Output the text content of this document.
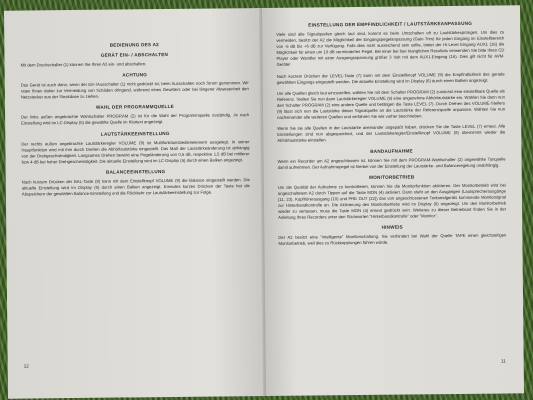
BEDIENUNG DES A2
GERÄT EIN- / ABSCHALTEN
Mit dem Druckschalter (1) können Sie Ihren A2 ein- und abschalten.
ACHTUNG
Das Gerät ist auch dann, wenn der Ein-/Ausschalter (1) nicht gedrückt ist, beim Ausschalten noch Strom genommen. Wir raten Ihnen daher zur Vermeidung von Schäden dringend, während eines Gewitters oder bei längerer Abwesenheit den Netzstecker aus der Steckdose zu ziehen.
WAHL DER PROGRAMMQUELLE
Der links außen angebrachte Wahlschalter PROGRAM (2) ist für die Wahl der Programmquelle zuständig. Je nach Einstellung wird im LC-Display (6) die gewählte Quelle im Klartext angezeigt.
LAUTSTÄRKEEINSTELLUNG
Der rechts außen angebrachte Lautstärkeregler VOLUME (9) ist Multifunktionsbedienelement ausgelegt. In seiner Hauptfunktion wird mit ihm durch Drehen die Abhörlautstärke eingestellt. Das Maß der Lautstärkeänderung ist abhängig von der Drehgeschwindigkeit. Langsames Drehen bewirkt eine Pegeländerung von 0,5 dB, respektive 1,5 dB bei mittlerer bzw 4 dB bei hoher Drehgeschwindigkeit. Die aktuelle Einstellung wird im LC-Display (6) durch einen Balken angezeigt.
BALANCEEINSTELLUNG
Nach kurzem Drücken der BAL-Taste (8) kann mit dem Einstellknopf VOLUME (9) die Balance eingestellt werden. Die aktuelle Einstellung wird im Display (6) durch einen Balken angezeigt. Erneutes kurzes Drücken der Taste hat die Abspeichern der gewählten Balance-Einstellung und die Rückkehr zur Lautstärkeeinstellung zur Folge.
12
EINSTELLUNG DER EMPFINDLICHKEIT / LAUTSTÄRKEANPASSUNG
Viele sind alle Signalquellen gleich laut sind, kommt es beim Umschalten oft zu Lautstärkesprüngen. Um dies zu vermeiden, besitzt der A2 die Möglichkeit der Eingangspegelanpassung (Gain-Trim) für jeden Eingang im Einstellbereich von -6 dB bis +6 dB zur Verfügung. Falls dies nicht ausreichend sein sollte, bietet der Hi-Level Eingang AUX1 (16) die Möglichkeit für einen um 10 dB verminderten Pegel. Bei einer bei fuer klanglichen Resultats verwenden Sie bitte Ihren CD Player oder Wandler mit einer Ausgangsspannung größer 3 Volt mit dem AUX1-Eingang (16). Dies gilt nicht für AVM-Geräte!
Nach kurzem Drücken der LEVEL-Taste (7) kann mit dem Einstellknopf VOLUME (9) die Empfindlichkeit des gerade gewählten Eingangs eingestellt werden. Die aktuelle Einstellung wird im Display (6) durch einen Balken angezeigt.
Um alle Quellen gleich laut einzustellen, wählen Sie mit dem Schalter PROGRAM (2) zunächst eine einstellbare Quelle als Referenz. Stellen Sie nun dann Lautstärkeregler VOLUME (9) eine angenehme Abhörlautstärke ein. Wählen Sie dann nun den Schalter PROGRAM (2) eine andere Quelle und betätigen die Taste LEVEL (7). Durch Drehen des VOLUME-Stellers (9) lässt sich nun die Lautstärke dieser Signalquelle an die Lautstärke der Referenzquelle anpassen. Wählen Sie nun nacheinander alle weiteren Quellen und verfahren Sie wie vorher beschrieben.
Wenn Sie sie alle Quellen in der Lautstärke aneinander angepaßt haben, drücken Sie die Taste LEVEL (7) erneut. Alle Einstellungen sind nun abgespeichert, und der Lautstärkeregler/Einstellknopf VOLUME (9) übernimmt wieder die Abhörlautstärke einstellen.
BANDAUFNAHME
Wenn ein Recorder am A2 angeschlossen ist, können Sie mit dem PROGRAM-Wahlschalter (2) angewählte Tonquelle damit aufnehmen. Der Aufnahmepegel ist hierbei von der Einstellung der Lautstärke- und Balanceregelung unabhängig.
MONITORBETRIEB
Um die Qualität der Aufnahme zu kontrollieren, können Sie die Monitorfunktion aktivieren. Der Monitorbetrieb wird bei angeschaltetem A2 durch Tippen auf die Taste MON (4) aktiviert. Dann steht an den Ausgängen (Lautsprecherausgänge (11, 23), Kopfhörerausgang (10) und PRE OUT (22)) das von angeschlossenen Tonbandgeräts kommende Monitorsignal zur Hinterbandkontrolle an. Die Aktivierung des Monitorbetriebs wird im Display (6) angezeigt. Um den Monitorbetrieb wieder zu verlassen, muss die Taste MON (4) erneut gedrückt sein. Weiteres zu dieser Betriebsart finden Sie in der Anleitung Ihres Recorders unter den Stichworten "Hinterbandkontrolle" oder "Monitor".
HINWEIS
Der A2 besitzt eine "intelligente" Monitorschaltung. Sie verhindert bei Wahl der Quelle TAPE einen gleichzeitigen Monitorbetrieb, weil dies zu Rückkopplungen führen würde.
11
